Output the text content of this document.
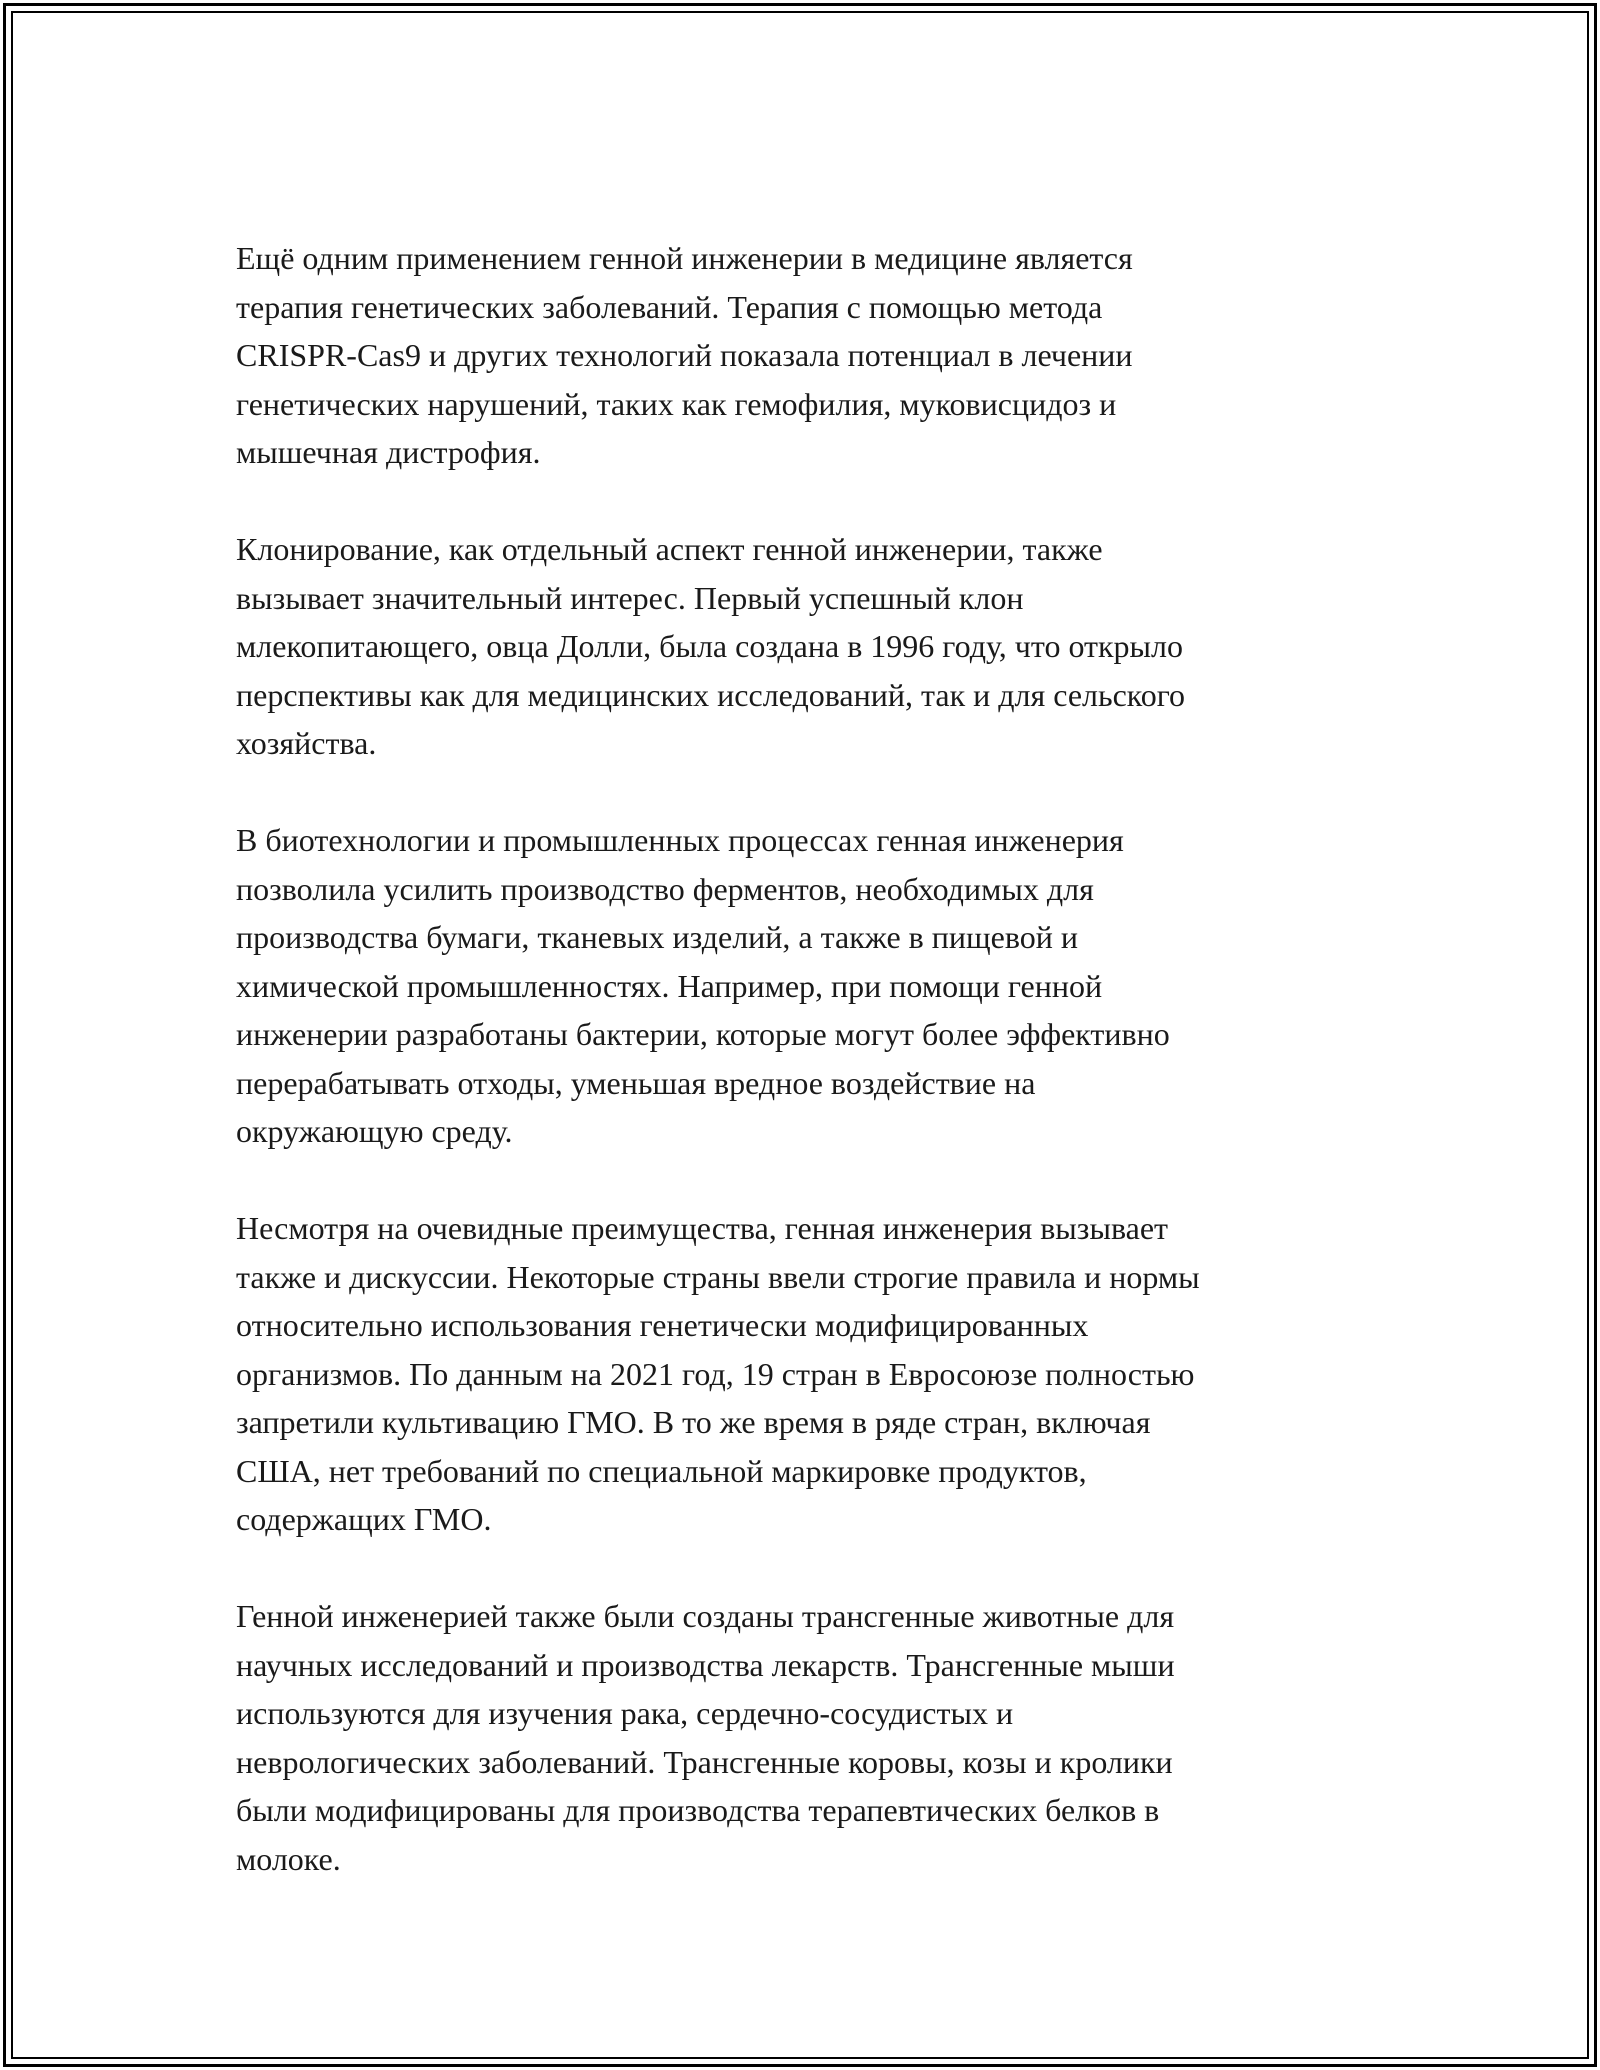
Ещё одним применением генной инженерии в медицине является
терапия генетических заболеваний. Терапия с помощью метода
CRISPR-Cas9 и других технологий показала потенциал в лечении
генетических нарушений, таких как гемофилия, муковисцидоз и
мышечная дистрофия.

Клонирование, как отдельный аспект генной инженерии, также
вызывает значительный интерес. Первый успешный клон
млекопитающего, овца Долли, была создана в 1996 году, что открыло
перспективы как для медицинских исследований, так и для сельского
хозяйства.

В биотехнологии и промышленных процессах генная инженерия
позволила усилить производство ферментов, необходимых для
производства бумаги, тканевых изделий, а также в пищевой и
химической промышленностях. Например, при помощи генной
инженерии разработаны бактерии, которые могут более эффективно
перерабатывать отходы, уменьшая вредное воздействие на
окружающую среду.

Несмотря на очевидные преимущества, генная инженерия вызывает
также и дискуссии. Некоторые страны ввели строгие правила и нормы
относительно использования генетически модифицированных
организмов. По данным на 2021 год, 19 стран в Евросоюзе полностью
запретили культивацию ГМО. В то же время в ряде стран, включая
США, нет требований по специальной маркировке продуктов,
содержащих ГМО.

Генной инженерией также были созданы трансгенные животные для
научных исследований и производства лекарств. Трансгенные мыши
используются для изучения рака, сердечно-сосудистых и
неврологических заболеваний. Трансгенные коровы, козы и кролики
были модифицированы для производства терапевтических белков в
молоке.
